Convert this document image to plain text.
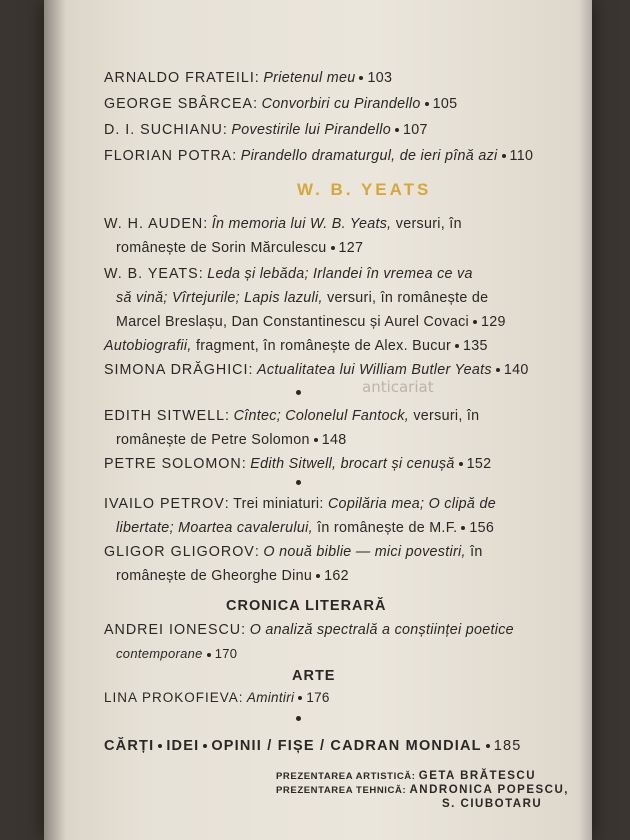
ARNALDO FRATEILI: Prietenul meu 103
GEORGE SBÂRCEA: Convorbiri cu Pirandello 105
D. I. SUCHIANU: Povestirile lui Pirandello 107
FLORIAN POTRA: Pirandello dramaturgul, de ieri pînă azi 110
W. B. YEATS
W. H. AUDEN: În memoria lui W. B. Yeats, versuri, în
românește de Sorin Mărculescu 127
W. B. YEATS: Leda și lebăda; Irlandei în vremea ce va
să vină; Vîrtejurile; Lapis lazuli, versuri, în românește de
Marcel Breslașu, Dan Constantinescu și Aurel Covaci 129
Autobiografii, fragment, în românește de Alex. Bucur 135
SIMONA DRĂGHICI: Actualitatea lui William Butler Yeats 140
anticariat
EDITH SITWELL: Cîntec; Colonelul Fantock, versuri, în
românește de Petre Solomon 148
PETRE SOLOMON: Edith Sitwell, brocart și cenușă 152
IVAILO PETROV: Trei miniaturi: Copilăria mea; O clipă de
libertate; Moartea cavalerului, în românește de M.F. 156
GLIGOR GLIGOROV: O nouă biblie — mici povestiri, în
românește de Gheorghe Dinu 162
CRONICA LITERARĂ
ANDREI IONESCU: O analiză spectrală a conștiinței poetice
contemporane 170
ARTE
LINA PROKOFIEVA: Amintiri 176
CĂRȚI IDEI OPINII / FIȘE / CADRAN MONDIAL 185
PREZENTAREA ARTISTICĂ: GETA BRĂTESCU
PREZENTAREA TEHNICĂ: ANDRONICA POPESCU,
S. CIUBOTARU
